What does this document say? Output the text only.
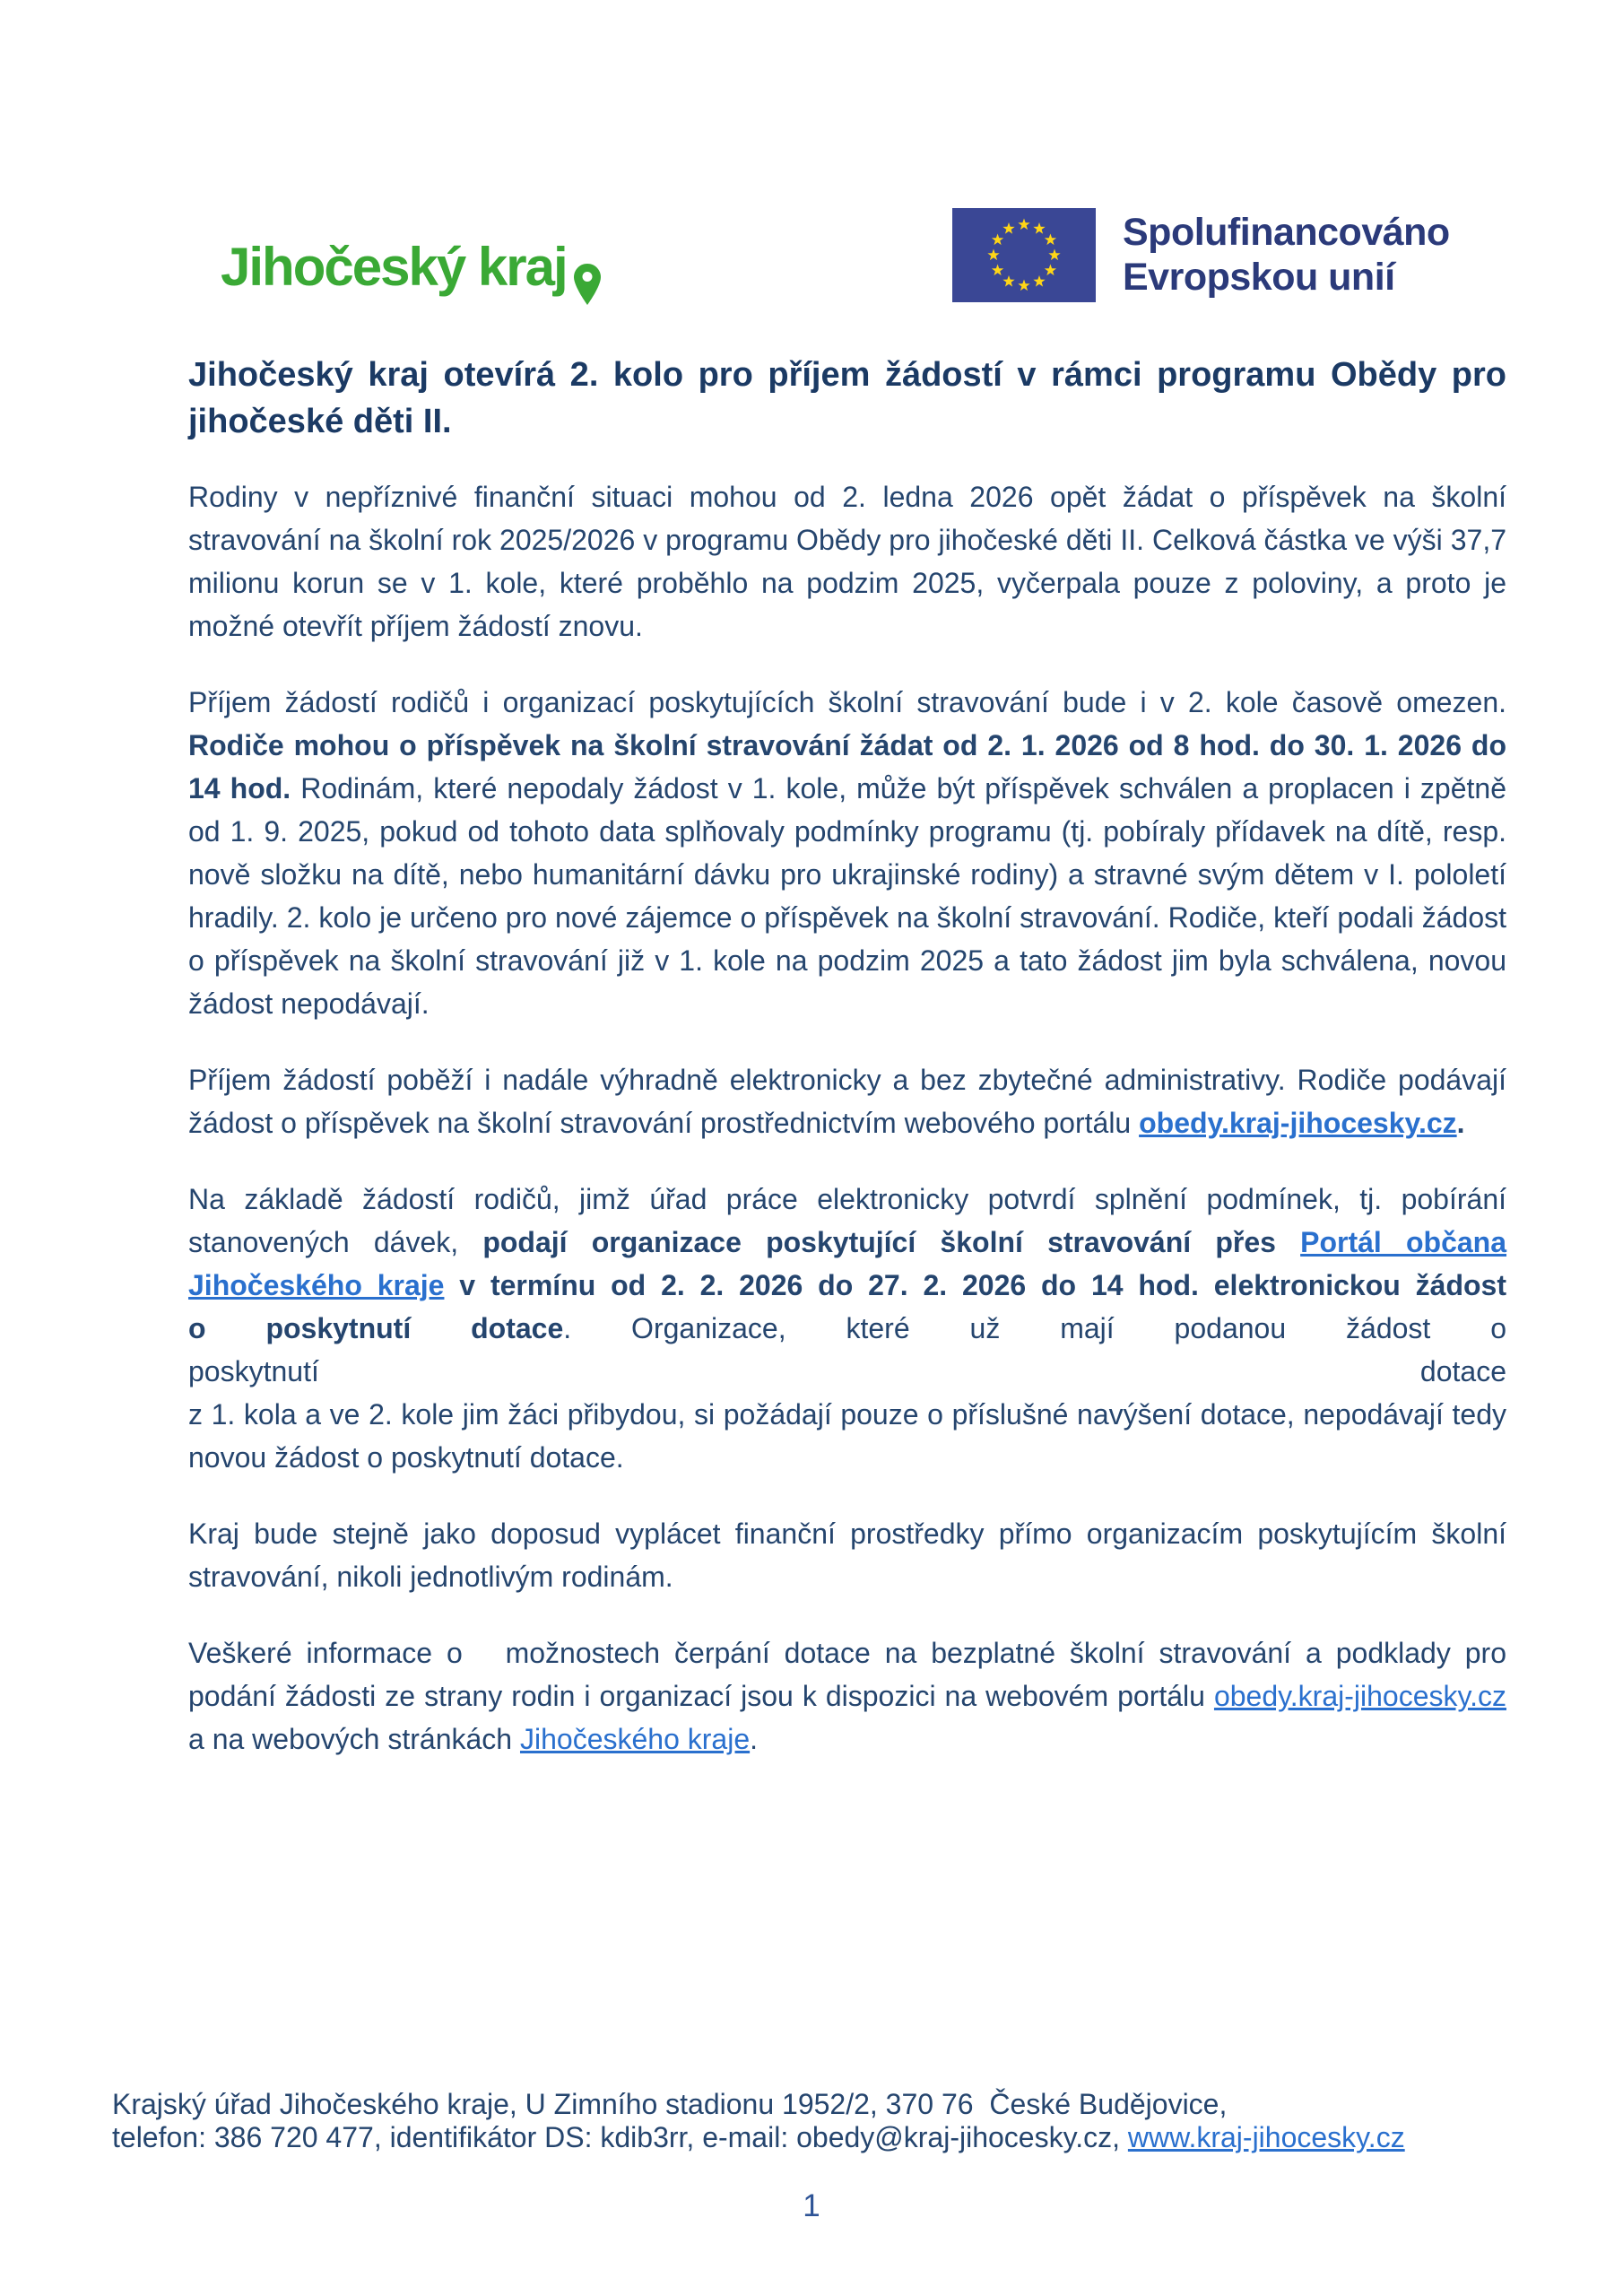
Jihočeský kraj
Spolufinancováno
Evropskou unií
Jihočeský kraj otevírá 2. kolo pro příjem žádostí v rámci programu Obědy pro jihočeské děti II.

Rodiny v nepříznivé finanční situaci mohou od 2. ledna 2026 opět žádat o příspěvek na školní stravování na školní rok 2025/2026 v programu Obědy pro jihočeské děti II. Celková částka ve výši 37,7 milionu korun se v 1. kole, které proběhlo na podzim 2025, vyčerpala pouze z poloviny, a proto je možné otevřít příjem žádostí znovu.

Příjem žádostí rodičů i organizací poskytujících školní stravování bude i v 2. kole časově omezen. Rodiče mohou o příspěvek na školní stravování žádat od 2. 1. 2026 od 8 hod. do 30. 1. 2026 do 14 hod. Rodinám, které nepodaly žádost v 1. kole, může být příspěvek schválen a proplacen i zpětně od 1. 9. 2025, pokud od tohoto data splňovaly podmínky programu (tj. pobíraly přídavek na dítě, resp. nově složku na dítě, nebo humanitární dávku pro ukrajinské rodiny) a stravné svým dětem v I. pololetí hradily. 2. kolo je určeno pro nové zájemce o příspěvek na školní stravování. Rodiče, kteří podali žádost o příspěvek na školní stravování již v 1. kole na podzim 2025 a tato žádost jim byla schválena, novou žádost nepodávají.

Příjem žádostí poběží i nadále výhradně elektronicky a bez zbytečné administrativy. Rodiče podávají žádost o příspěvek na školní stravování prostřednictvím webového portálu obedy.kraj-jihocesky.cz.

Na základě žádostí rodičů, jimž úřad práce elektronicky potvrdí splnění podmínek, tj. pobírání stanovených dávek, podají organizace poskytující školní stravování přes Portál občana Jihočeského kraje v termínu od 2. 2. 2026 do 27. 2. 2026 do 14 hod. elektronickou žádost o poskytnutí dotace. Organizace, které už mají podanou žádost o
poskytnutí	dotace
z 1. kola a ve 2. kole jim žáci přibydou, si požádají pouze o příslušné navýšení dotace, nepodávají tedy novou žádost o poskytnutí dotace.

Kraj bude stejně jako doposud vyplácet finanční prostředky přímo organizacím poskytujícím školní stravování, nikoli jednotlivým rodinám.

Veškeré informace o   možnostech čerpání dotace na bezplatné školní stravování a podklady pro podání žádosti ze strany rodin i organizací jsou k dispozici na webovém portálu obedy.kraj-jihocesky.cz a na webových stránkách Jihočeského kraje.

Krajský úřad Jihočeského kraje, U Zimního stadionu 1952/2, 370 76  České Budějovice,
telefon: 386 720 477, identifikátor DS: kdib3rr, e-mail: obedy@kraj-jihocesky.cz, www.kraj-jihocesky.cz
1
